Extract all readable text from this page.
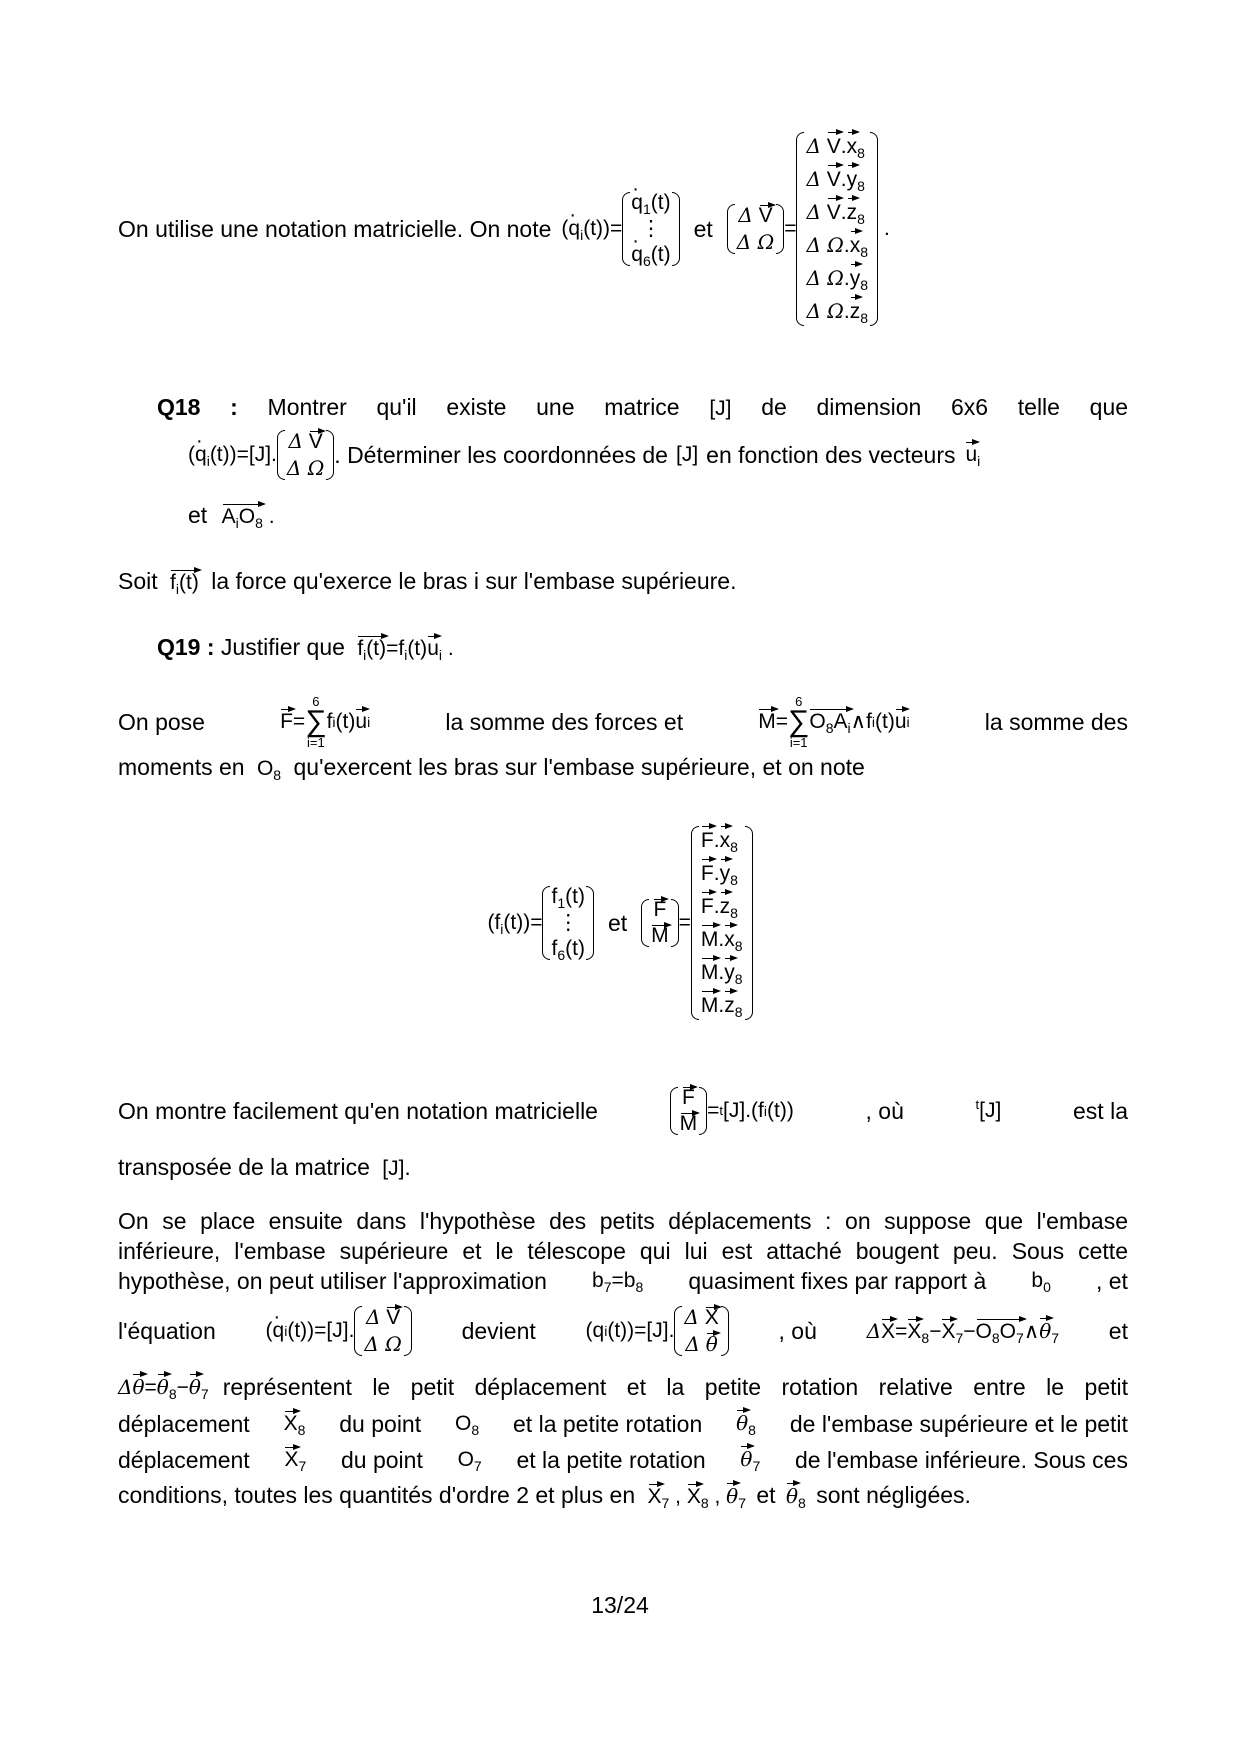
On utilise une notation matricielle. On note $(q \cdot_i(t))=$
$q \cdot_1(t)$
⋮
$q \cdot_6(t)$
et
Δ V
Δ Ω
=
Δ $V.x_8$
Δ $V.y_8$
Δ $V.z_8$
Δ $\Omega.x_8$
Δ $\Omega.y_8$
Δ $\Omega.z_8$
.
Q18 : Montrer qu'il existe une matrice [J] de dimension 6x6 telle que
$(q \cdot_i(t))=[J]$.
Δ V
Δ Ω . Déterminer les coordonnées de [J] en fonction des vecteurs $u_i$
et $A_iO_8$ .
Soit $f_i(t)$ la force qu'exerce le bras i sur l'embase supérieure.
Q19 : Justifier que $f_i(t)=f_i(t)u_i$ .
On pose	F =
6
∑
i=1
f i (t) u i	la somme des forces et	M =
6
∑
i=1
$O_8A_i$ ∧f i (t) u i	la somme des
moments en $O_8$ qu'exercent les bras sur l'embase supérieure, et on note
$(f_i(t))=$
$f_1(t)$
⋮
$f_6(t)$
et F
M
=
$F.x_8$
$F.y_8$
$F.z_8$
$M.x_8$
$M.y_8$
$M.z_8$
On montre facilement qu'en notation matricielle
F
M
= t [J].(f i (t))	, où	$^t$[J]	est la
transposée de la matrice [J].
On se place ensuite dans l'hypothèse des petits déplacements : on suppose que l'embase
inférieure, l'embase supérieure et le télescope qui lui est attaché bougent peu. Sous cette
hypothèse, on peut utiliser l'approximation $b_7=b_8$ quasiment fixes par rapport à $b_0$ , et
l'équation ( q · i (t))=[J].
Δ V
Δ Ω	devient (q i (t))=[J].
Δ X
Δ θ	, où $\Delta X=X_8-X_7-O_8O_7\wedge\theta_7$ et
$\Delta\theta=\theta_8-\theta_7$ représentent le petit déplacement et la petite rotation relative entre le petit
déplacement $X_8$ du point $O_8$ et la petite rotation $\theta_8$ de l'embase supérieure et le petit
déplacement $X_7$ du point $O_7$ et la petite rotation $\theta_7$ de l'embase inférieure. Sous ces
conditions, toutes les quantités d'ordre 2 et plus en $X_7$ , $X_8$ , $\theta_7$ et $\theta_8$ sont négligées.
13/24
